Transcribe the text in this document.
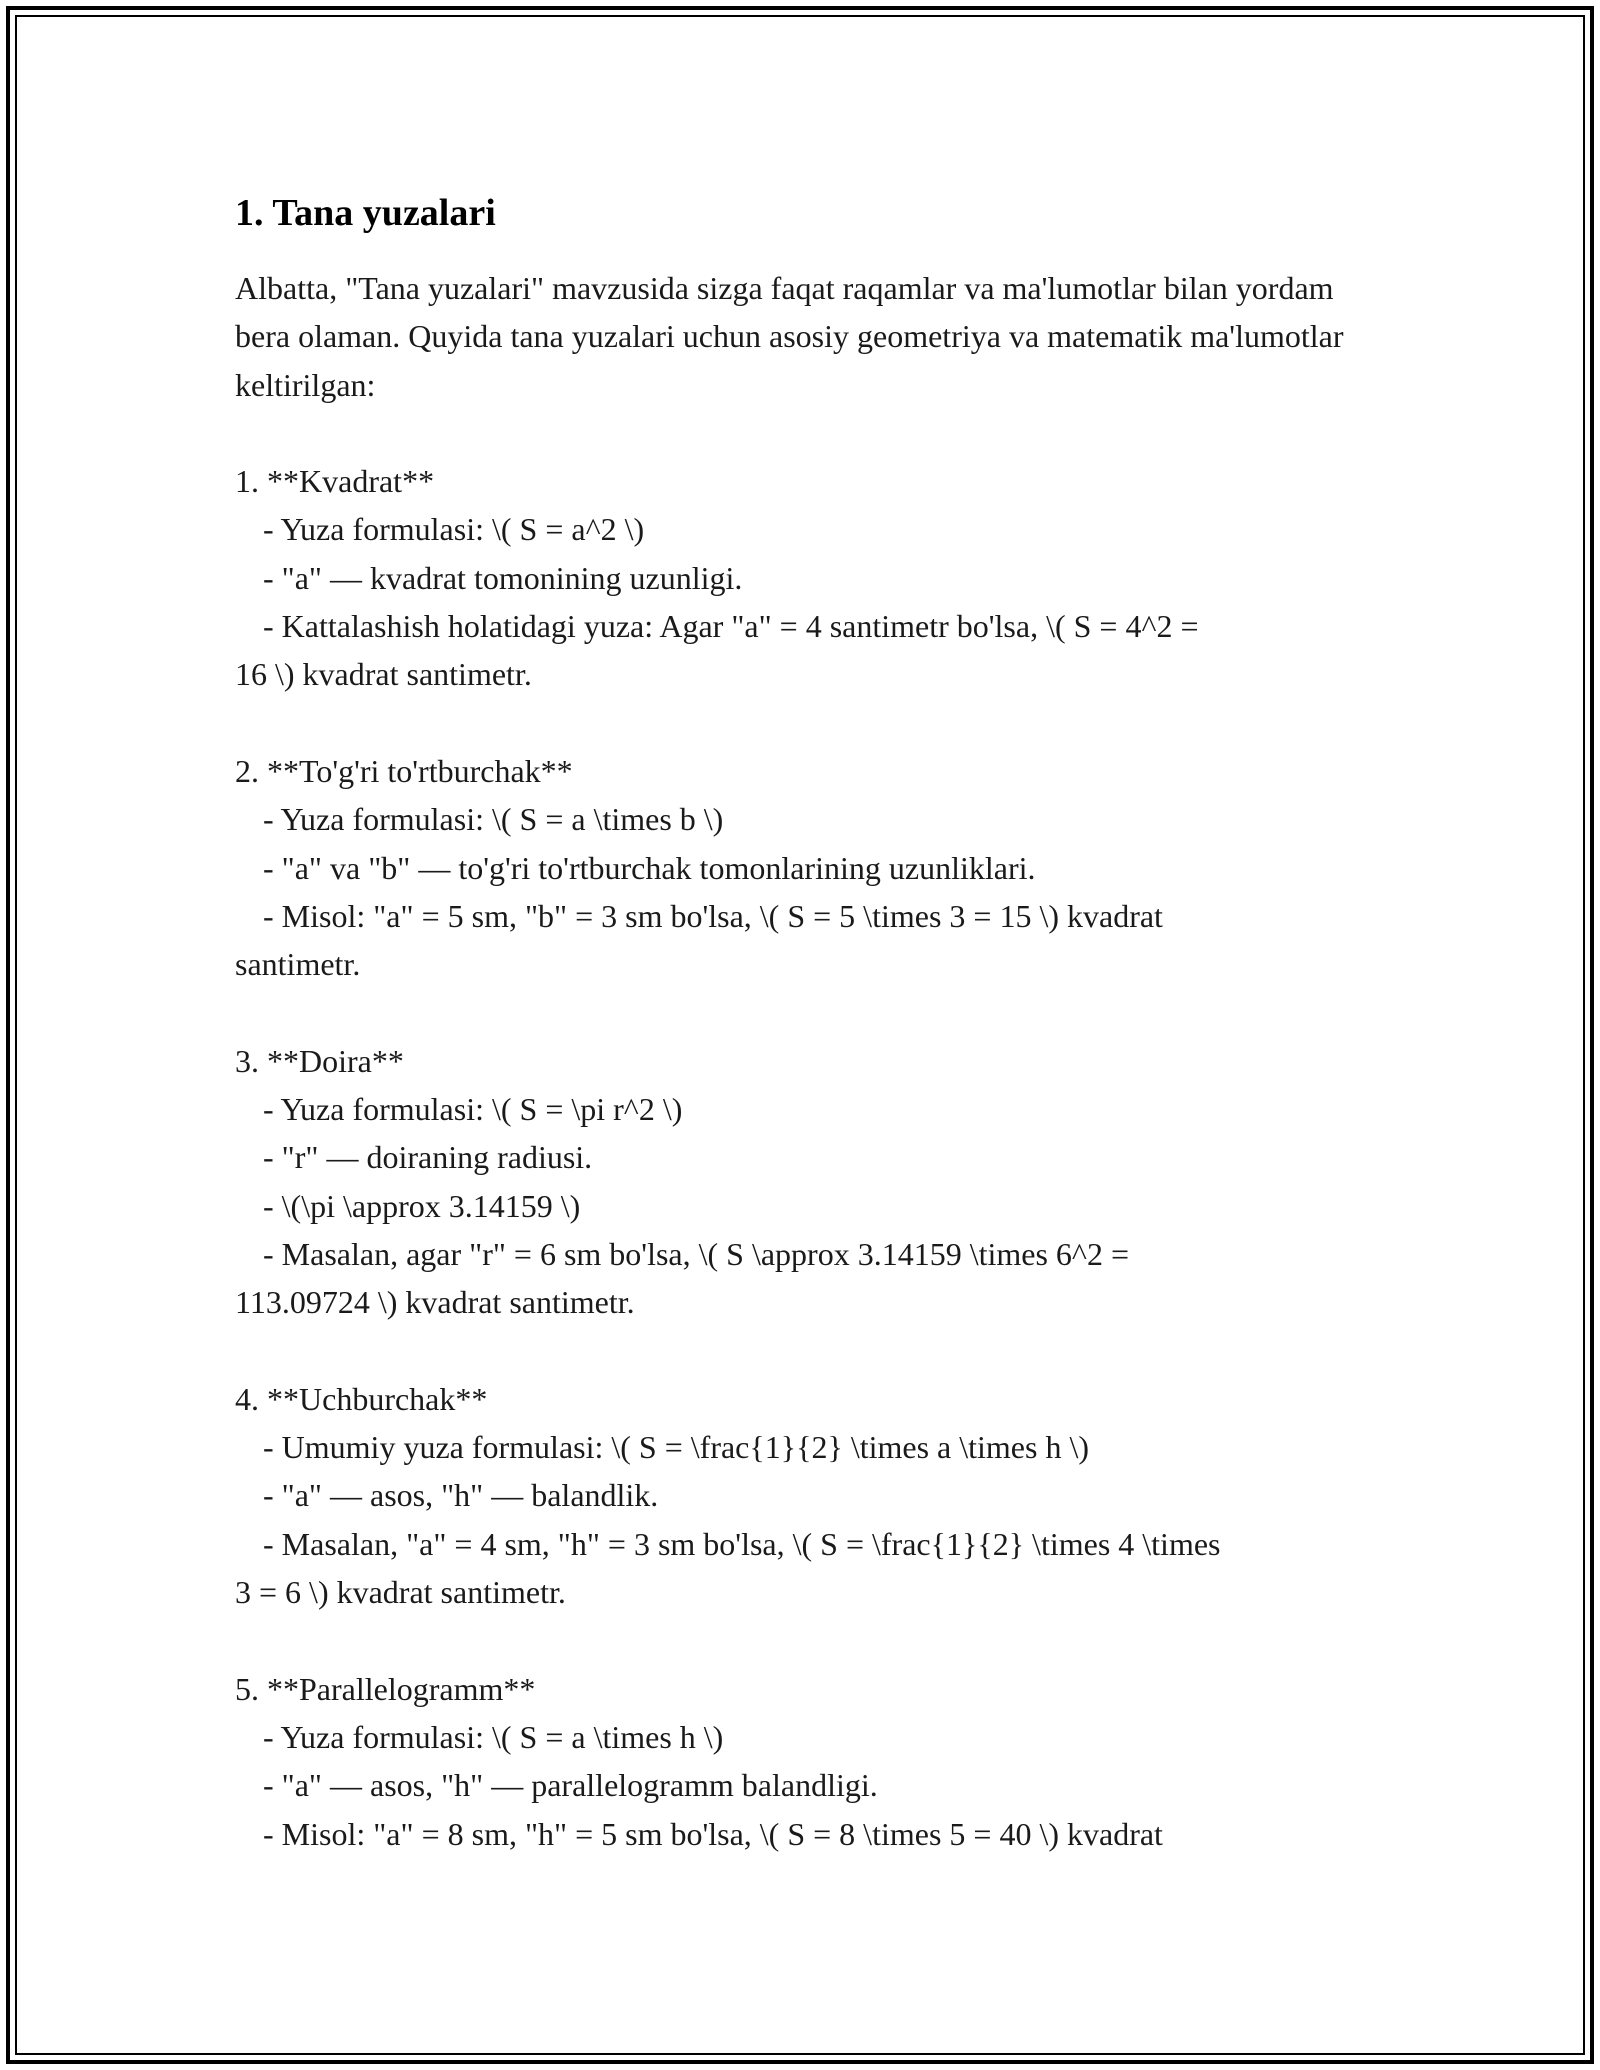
1. Tana yuzalari

Albatta, "Tana yuzalari" mavzusida sizga faqat raqamlar va ma'lumotlar bilan yordam bera olaman. Quyida tana yuzalari uchun asosiy geometriya va matematik ma'lumotlar keltirilgan:

1. **Kvadrat**

- Yuza formulasi: \( S = a^2 \)

- "a" — kvadrat tomonining uzunligi.

- Kattalashish holatidagi yuza: Agar "a" = 4 santimetr bo'lsa, \( S = 4^2 =

16 \) kvadrat santimetr.

2. **To'g'ri to'rtburchak**

- Yuza formulasi: \( S = a \times b \)

- "a" va "b" — to'g'ri to'rtburchak tomonlarining uzunliklari.

- Misol: "a" = 5 sm, "b" = 3 sm bo'lsa, \( S = 5 \times 3 = 15 \) kvadrat

santimetr.

3. **Doira**

- Yuza formulasi: \( S = \pi r^2 \)

- "r" — doiraning radiusi.

- \(\pi \approx 3.14159 \)

- Masalan, agar "r" = 6 sm bo'lsa, \( S \approx 3.14159 \times 6^2 =

113.09724 \) kvadrat santimetr.

4. **Uchburchak**

- Umumiy yuza formulasi: \( S = \frac{1}{2} \times a \times h \)

- "a" — asos, "h" — balandlik.

- Masalan, "a" = 4 sm, "h" = 3 sm bo'lsa, \( S = \frac{1}{2} \times 4 \times

3 = 6 \) kvadrat santimetr.

5. **Parallelogramm**

- Yuza formulasi: \( S = a \times h \)

- "a" — asos, "h" — parallelogramm balandligi.

- Misol: "a" = 8 sm, "h" = 5 sm bo'lsa, \( S = 8 \times 5 = 40 \) kvadrat
